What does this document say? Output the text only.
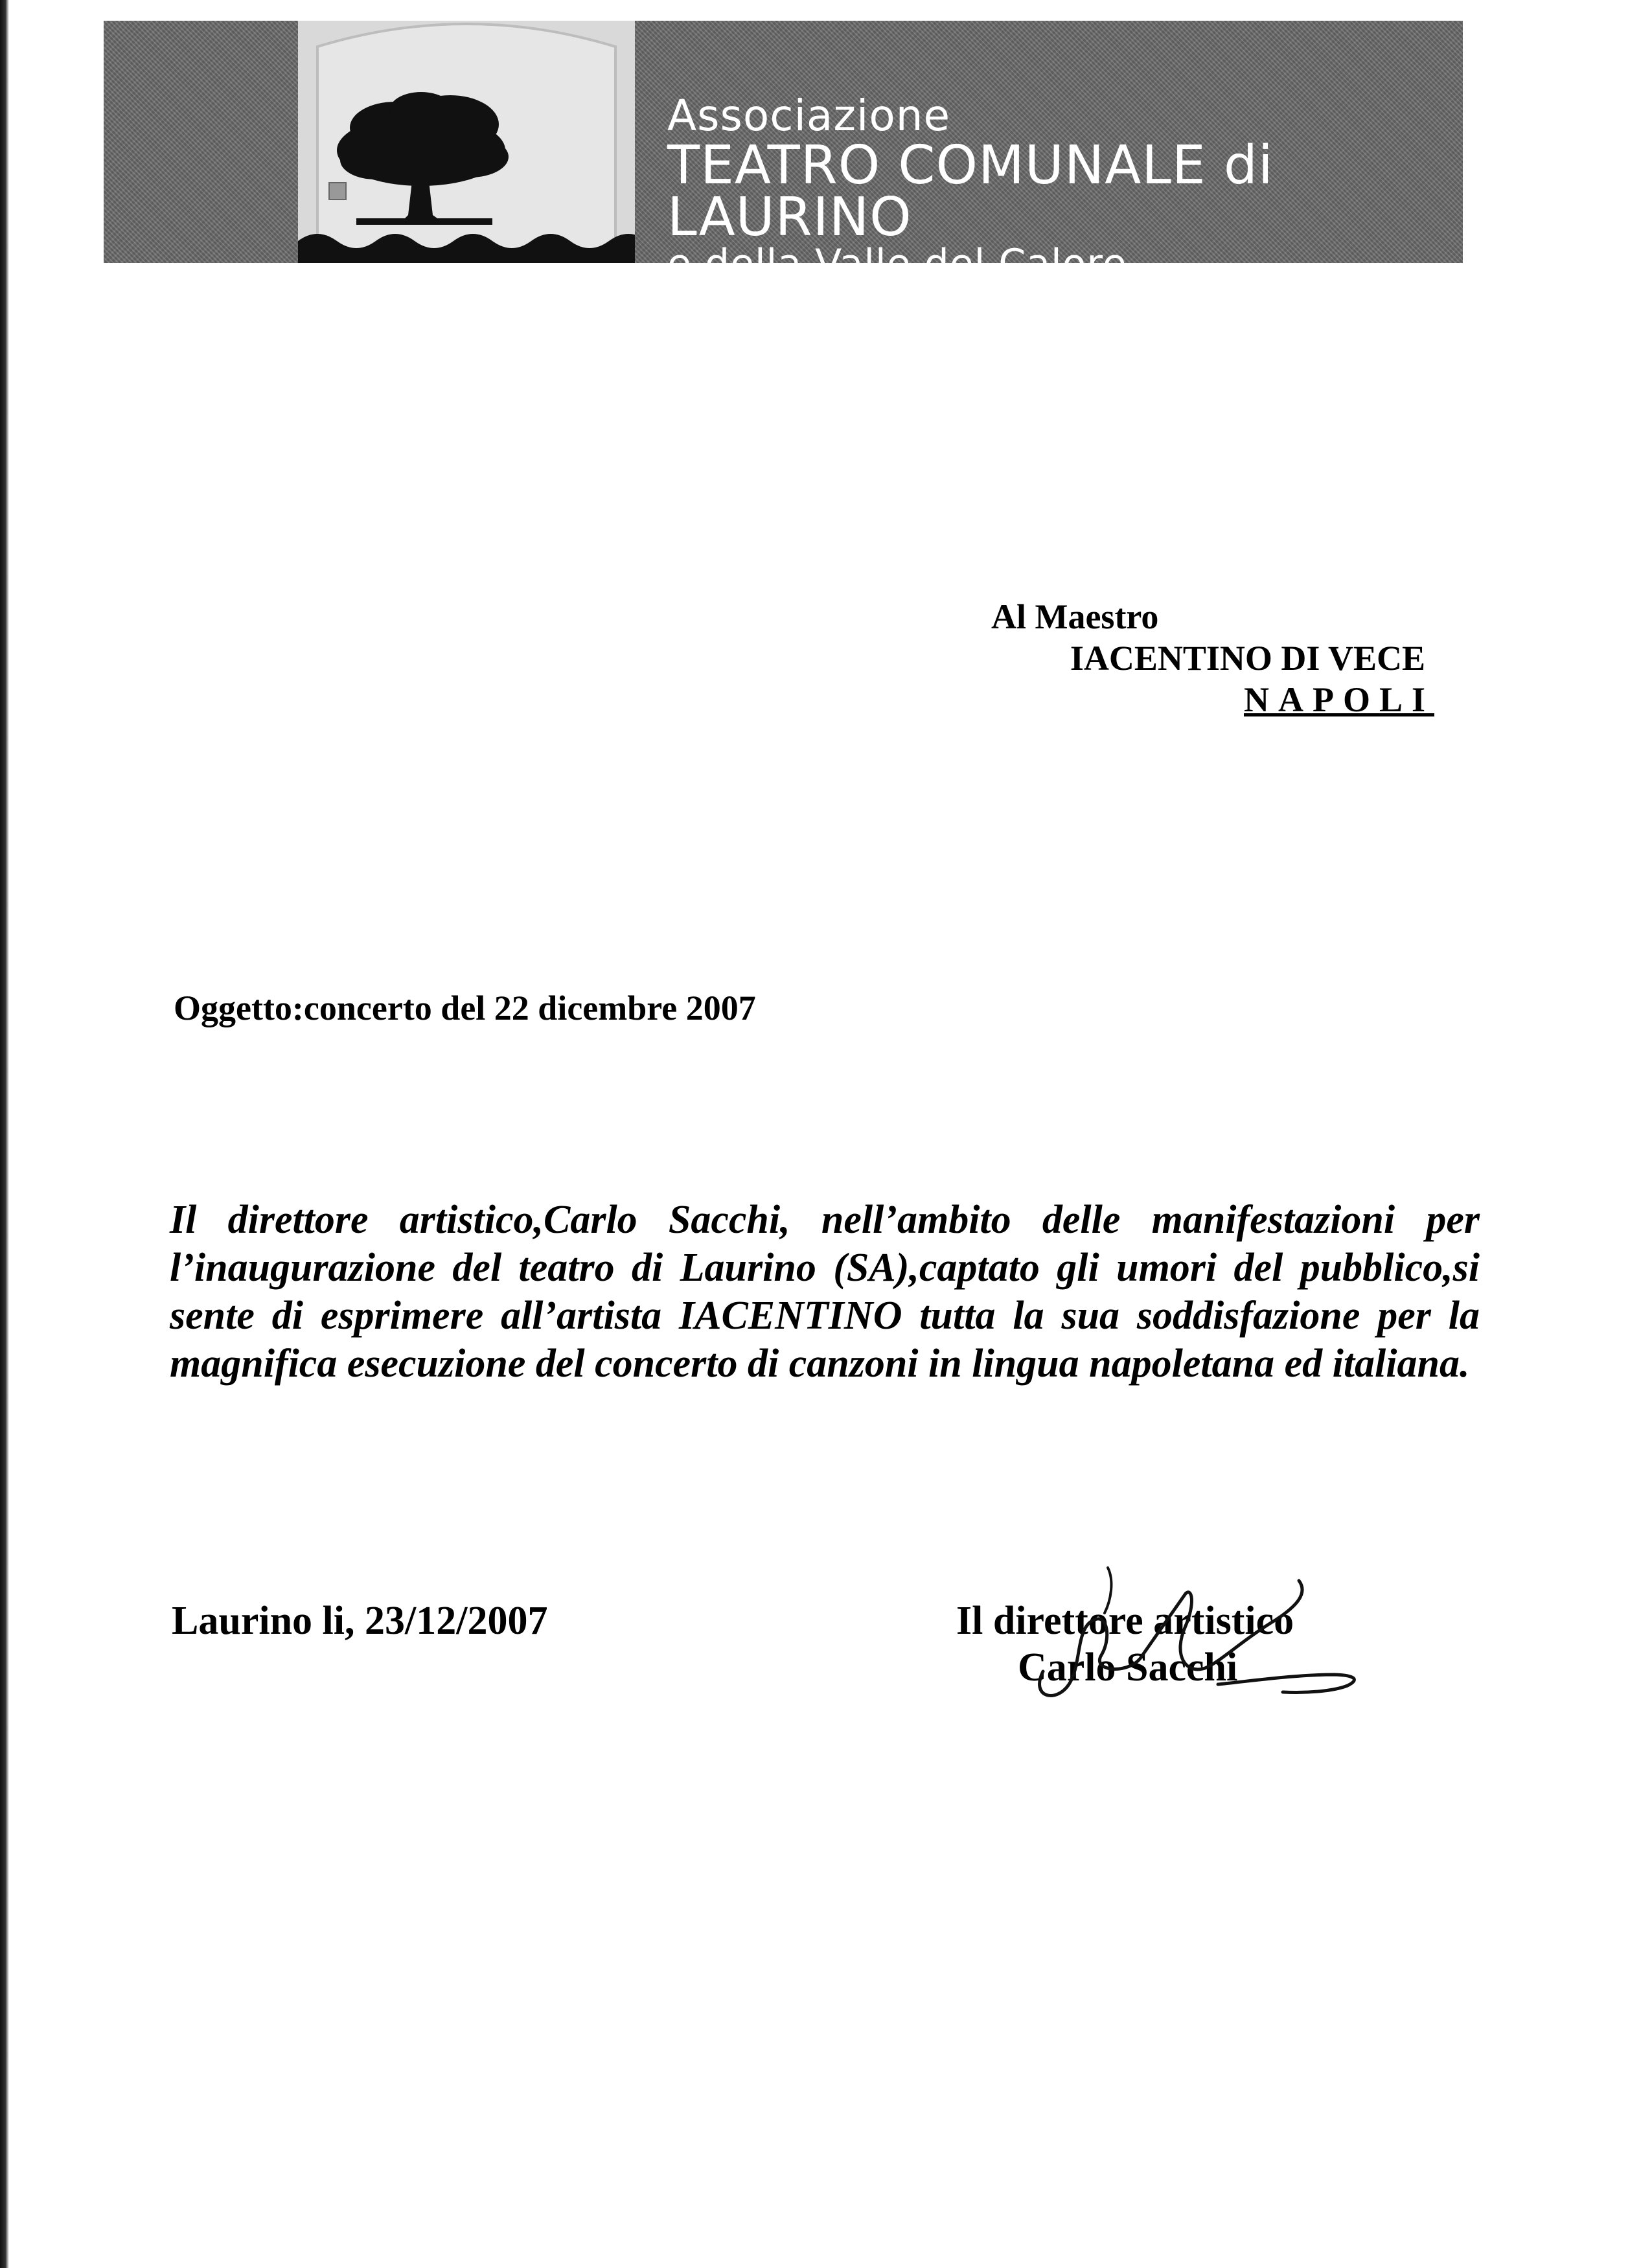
Associazione
TEATRO COMUNALE di LAURINO
e della Valle del Calore
Al Maestro
IACENTINO DI VECE
NAPOLI
Oggetto:concerto del 22 dicembre 2007
Il direttore artistico,Carlo Sacchi, nell’ambito delle manifestazioni per l’inaugurazione del teatro di Laurino (SA),captato gli umori del pubblico,si sente di esprimere all’artista IACENTINO tutta la sua soddisfazione per la magnifica esecuzione del concerto di canzoni in lingua napoletana ed italiana.
Laurino li, 23/12/2007	Il direttore artistico
Carlo Sacchi
